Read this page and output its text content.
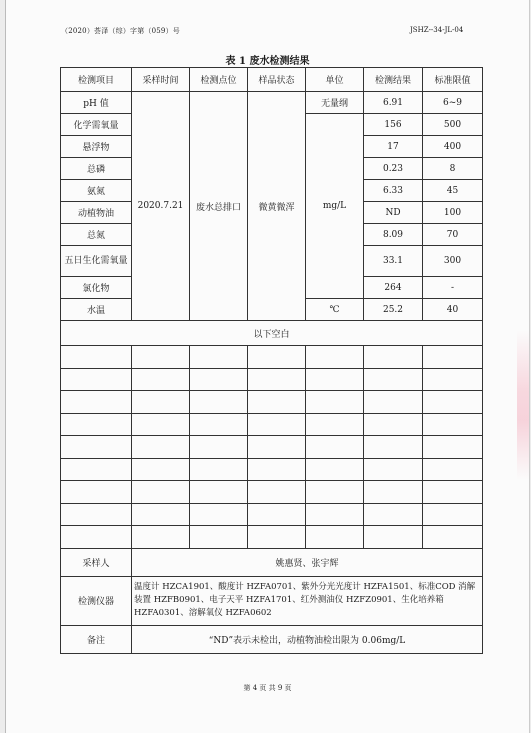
（2020）荟泽（综）字第（059）号	JSHZ--34-JL-04
表 1 废水检测结果
检测项目	采样时间	检测点位	样品状态	单位	检测结果	标准限值
pH 值	2020.7.21	废水总排口	微黄微浑	无量纲	6.91	6~9
化学需氧量				mg/L	156	500
悬浮物					17	400
总磷					0.23	8
氨氮					6.33	45
动植物油					ND	100
总氮					8.09	70
五日生化需氧量					33.1	300
氯化物					264	-
水温				℃	25.2	40
以下空白						

采样人	姚惠贤、张宇辉					
检测仪器	温度计 HZCA1901、酸度计 HZFA0701、紫外分光光度计 HZFA1501、标准COD 消解装置 HZFB0901、电子天平 HZFA1701、红外测油仪 HZFZ0901、生化培养箱 HZFA0301、溶解氧仪 HZFA0602					
备注	“ND”表示未检出，动植物油检出限为 0.06mg/L					
第 4 页 共 9 页
